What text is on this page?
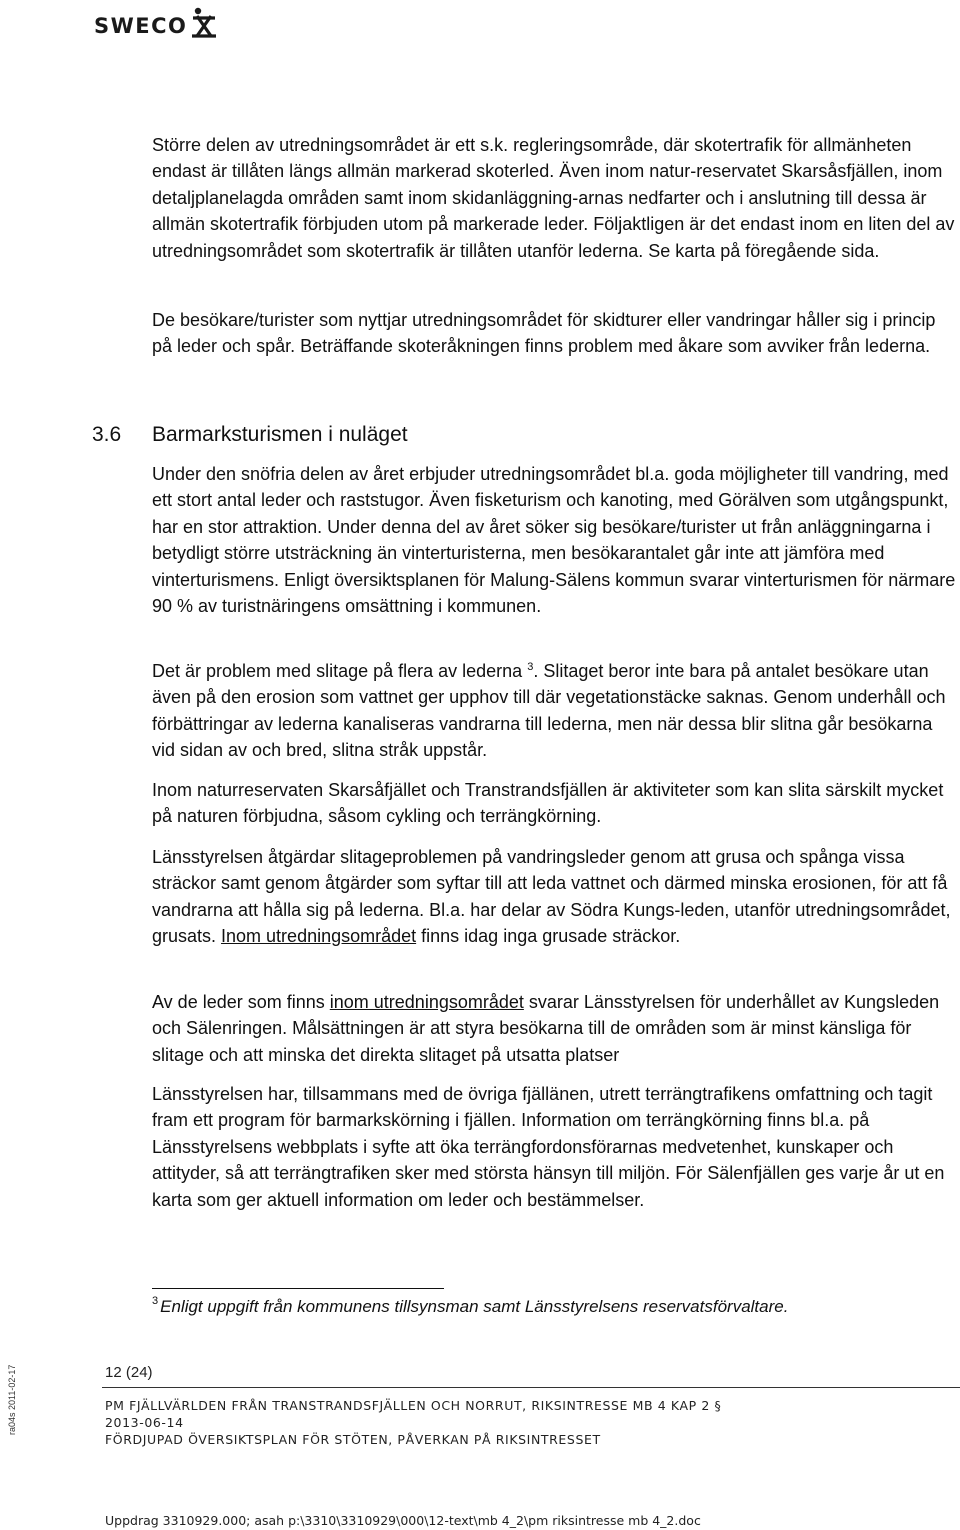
SWECO

Större delen av utredningsområdet är ett s.k. regleringsområde, där skotertrafik för allmänheten endast är tillåten längs allmän markerad skoterled. Även inom natur-reservatet Skarsåsfjällen, inom detaljplanelagda områden samt inom skidanläggning-arnas nedfarter och i anslutning till dessa är allmän skotertrafik förbjuden utom på markerade leder. Följaktligen är det endast inom en liten del av utredningsområdet som skotertrafik är tillåten utanför lederna. Se karta på föregående sida.

De besökare/turister som nyttjar utredningsområdet för skidturer eller vandringar håller sig i princip på leder och spår. Beträffande skoteråkningen finns problem med åkare som avviker från lederna.

3.6 Barmarksturismen i nuläget

Under den snöfria delen av året erbjuder utredningsområdet bl.a. goda möjligheter till vandring, med ett stort antal leder och raststugor. Även fisketurism och kanoting, med Görälven som utgångspunkt, har en stor attraktion. Under denna del av året söker sig besökare/turister ut från anläggningarna i betydligt större utsträckning än vinterturisterna, men besökarantalet går inte att jämföra med vinterturismens. Enligt översiktsplanen för Malung-Sälens kommun svarar vinterturismen för närmare 90 % av turistnäringens omsättning i kommunen.

Det är problem med slitage på flera av lederna $^3$. Slitaget beror inte bara på antalet besökare utan även på den erosion som vattnet ger upphov till där vegetationstäcke saknas. Genom underhåll och förbättringar av lederna kanaliseras vandrarna till lederna, men när dessa blir slitna går besökarna vid sidan av och bred, slitna stråk uppstår.

Inom naturreservaten Skarsåfjället och Transtrandsfjällen är aktiviteter som kan slita särskilt mycket på naturen förbjudna, såsom cykling och terrängkörning.

Länsstyrelsen åtgärdar slitageproblemen på vandringsleder genom att grusa och spånga vissa sträckor samt genom åtgärder som syftar till att leda vattnet och därmed minska erosionen, för att få vandrarna att hålla sig på lederna. Bl.a. har delar av Södra Kungs-leden, utanför utredningsområdet, grusats. Inom utredningsområdet finns idag inga grusade sträckor.

Av de leder som finns inom utredningsområdet svarar Länsstyrelsen för underhållet av Kungsleden och Sälenringen. Målsättningen är att styra besökarna till de områden som är minst känsliga för slitage och att minska det direkta slitaget på utsatta platser

Länsstyrelsen har, tillsammans med de övriga fjällänen, utrett terrängtrafikens omfattning och tagit fram ett program för barmarkskörning i fjällen. Information om terrängkörning finns bl.a. på Länsstyrelsens webbplats i syfte att öka terrängfordonsförarnas medvetenhet, kunskaper och attityder, så att terrängtrafiken sker med största hänsyn till miljön. För Sälenfjällen ges varje år ut en karta som ger aktuell information om leder och bestämmelser.

$^3$ Enligt uppgift från kommunens tillsynsman samt Länsstyrelsens reservatsförvaltare.
ra04s 2011-02-17	12 (24)
PM FJÄLLVÄRLDEN FRÅN TRANSTRANDSFJÄLLEN OCH NORRUT, RIKSINTRESSE MB 4 KAP 2 §
2013-06-14
FÖRDJUPAD ÖVERSIKTSPLAN FÖR STÖTEN, PÅVERKAN PÅ RIKSINTRESSET
Uppdrag 3310929.000; asah p:\3310\3310929\000\12-text\mb 4_2\pm riksintresse mb 4_2.doc
